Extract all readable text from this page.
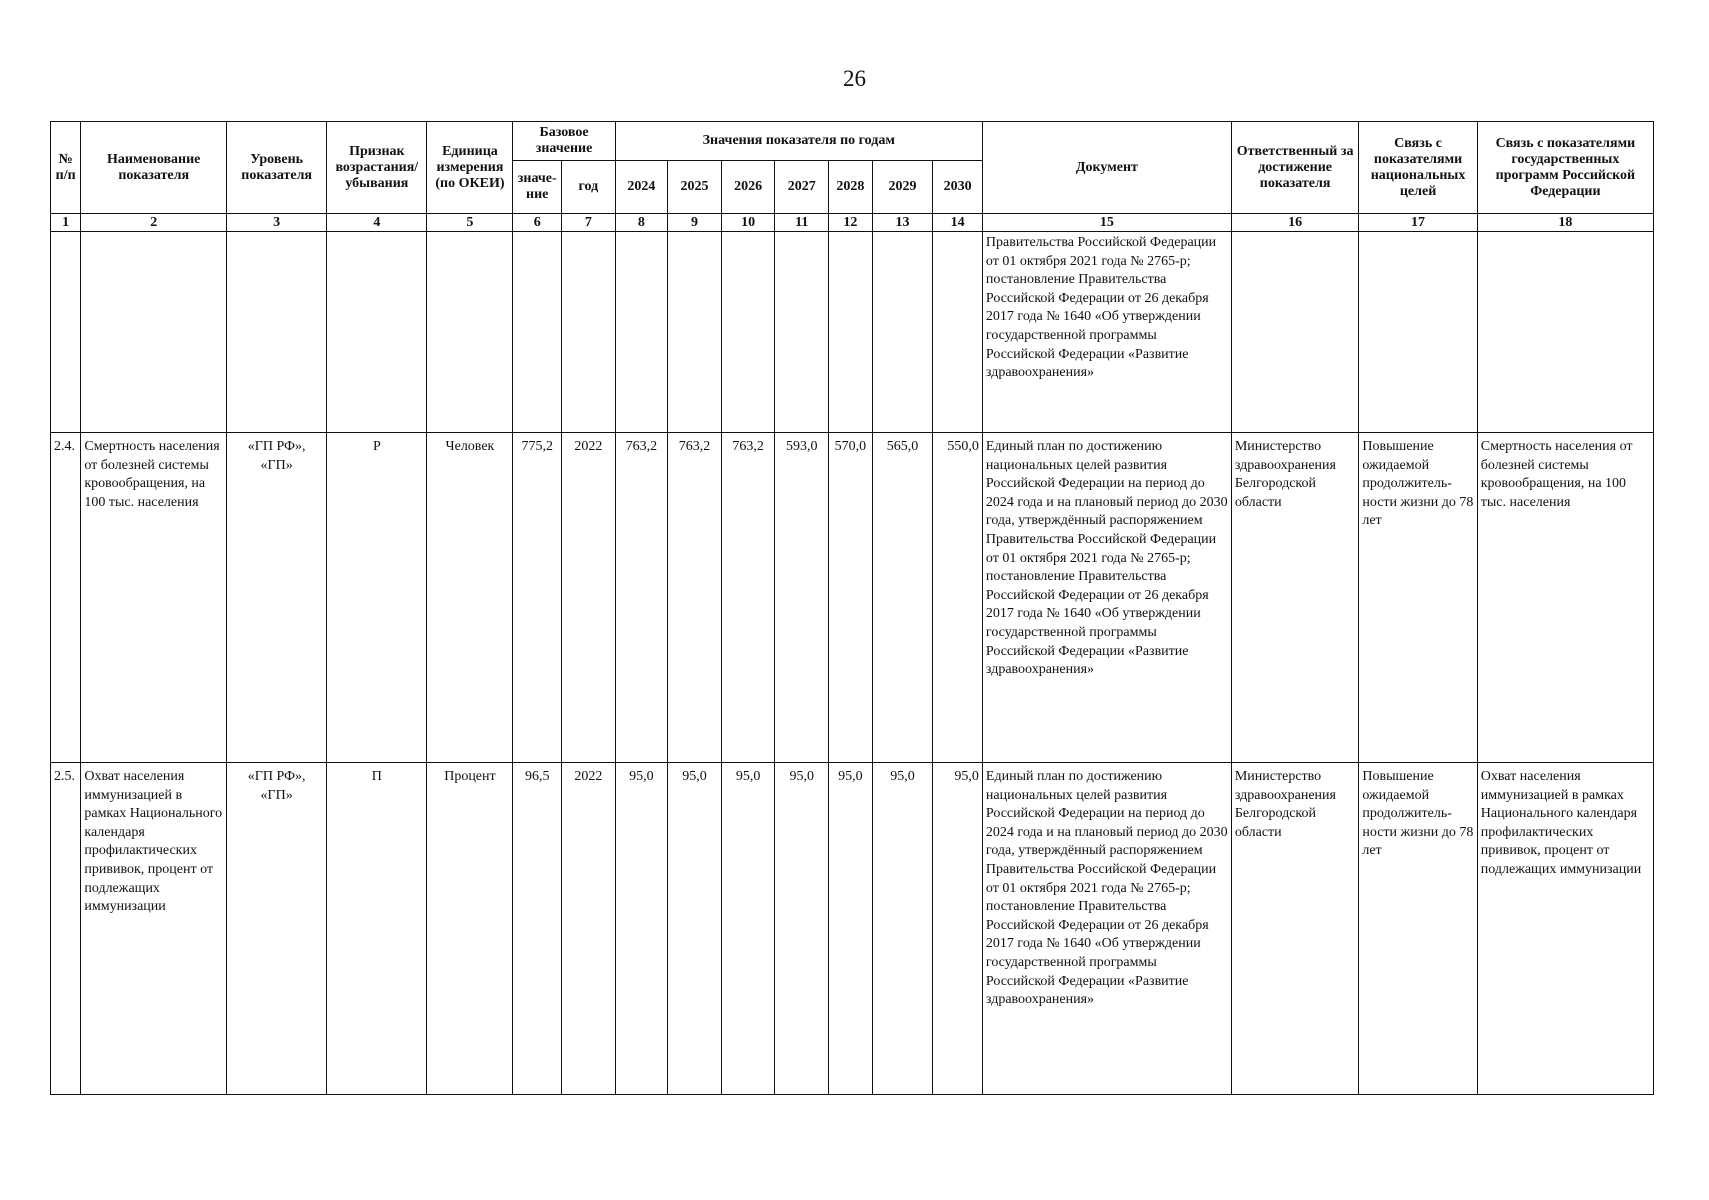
26
№ п/п	Наименование показателя	Уровень показателя	Признак возрастания/ убывания	Единица измерения (по ОКЕИ)	Базовое значение		Значения показателя по годам							Документ	Ответственный за достижение показателя	Связь с показателями национальных целей	Связь с показателями государственных программ Российской Федерации
					значе- ние	год	2024	2025	2026	2027	2028	2029	2030				
1	2	3	4	5	6	7	8	9	10	11	12	13	14	15	16	17	18
														Правительства Российской Федерации от 01 октября 2021 года № 2765-р; постановление Правительства Российской Федерации от 26 декабря 2017 года № 1640 «Об утверждении государственной программы Российской Федерации «Развитие здравоохранения»			
2.4.	Смертность населения от болезней системы кровообращения, на 100 тыс. населения	«ГП РФ», «ГП»	Р	Человек	775,2	2022	763,2	763,2	763,2	593,0	570,0	565,0	550,0	Единый план по достижению национальных целей развития Российской Федерации на период до 2024 года и на плановый период до 2030 года, утверждённый распоряжением Правительства Российской Федерации от 01 октября 2021 года № 2765-р; постановление Правительства Российской Федерации от 26 декабря 2017 года № 1640 «Об утверждении государственной программы Российской Федерации «Развитие здравоохранения»	Министерство здравоохранения Белгородской области	Повышение ожидаемой продолжитель- ности жизни до 78 лет	Смертность населения от болезней системы кровообращения, на 100 тыс. населения
2.5.	Охват населения иммунизацией в рамках Национального календаря профилактических прививок, процент от подлежащих иммунизации	«ГП РФ», «ГП»	П	Процент	96,5	2022	95,0	95,0	95,0	95,0	95,0	95,0	95,0	Единый план по достижению национальных целей развития Российской Федерации на период до 2024 года и на плановый период до 2030 года, утверждённый распоряжением Правительства Российской Федерации от 01 октября 2021 года № 2765-р; постановление Правительства Российской Федерации от 26 декабря 2017 года № 1640 «Об утверждении государственной программы Российской Федерации «Развитие здравоохранения»	Министерство здравоохранения Белгородской области	Повышение ожидаемой продолжитель- ности жизни до 78 лет	Охват населения иммунизацией в рамках Национального календаря профилактических прививок, процент от подлежащих иммунизации
